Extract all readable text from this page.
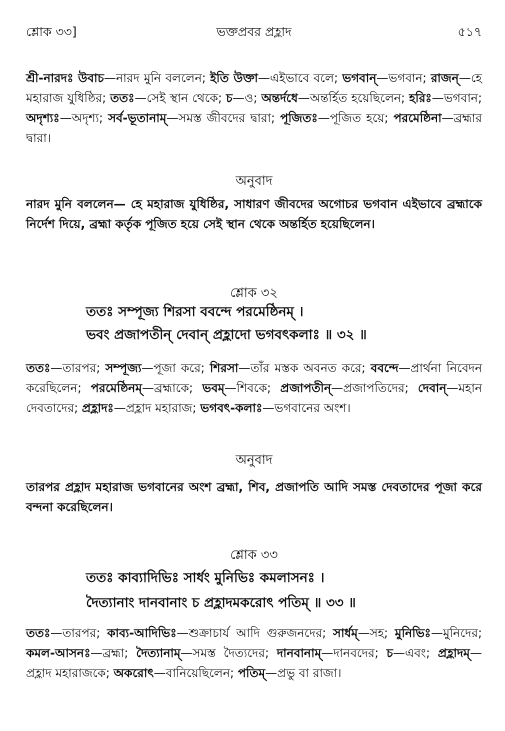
শ্লোক ৩৩]	ভক্তপ্রবর প্রহ্লাদ	৫১৭
শ্রী-নারদঃ উবাচ—নারদ মুনি বললেন; ইতি উক্তা—এইভাবে বলে; ভগবান্—ভগবান; রাজন্—হে মহারাজ যুধিষ্ঠির; ততঃ—সেই স্থান থেকে; চ—ও; অন্তর্দধে—অন্তর্হিত হয়েছিলেন; হরিঃ—ভগবান; অদৃশ্যঃ—অদৃশ্য; সর্ব-ভূতানাম্—সমস্ত জীবদের দ্বারা; পূজিতঃ—পূজিত হয়ে; পরমেষ্ঠিনা—ব্রহ্মার দ্বারা।
অনুবাদ
নারদ মুনি বললেন— হে মহারাজ যুধিষ্ঠির, সাধারণ জীবদের অগোচর ভগবান এইভাবে ব্রহ্মাকে নির্দেশ দিয়ে, ব্রহ্মা কর্তৃক পূজিত হয়ে সেই স্থান থেকে অন্তর্হিত হয়েছিলেন।
শ্লোক ৩২
ততঃ সম্পূজ্য শিরসা ববন্দে পরমেষ্ঠিনম্ ।
ভবং প্রজাপতীন্ দেবান্ প্রহ্লাদো ভগবৎকলাঃ ॥ ৩২ ॥
ততঃ—তারপর; সম্পূজ্য—পূজা করে; শিরসা—তাঁর মস্তক অবনত করে; ববন্দে—প্রার্থনা নিবেদন করেছিলেন; পরমেষ্ঠিনম্—ব্রহ্মাকে; ভবম্—শিবকে; প্রজাপতীন্—প্রজাপতিদের; দেবান্—মহান দেবতাদের; প্রহ্লাদঃ—প্রহ্লাদ মহারাজ; ভগবৎ-কলাঃ—ভগবানের অংশ।
অনুবাদ
তারপর প্রহ্লাদ মহারাজ ভগবানের অংশ ব্রহ্মা, শিব, প্রজাপতি আদি সমস্ত দেবতাদের পূজা করে বন্দনা করেছিলেন।
শ্লোক ৩৩
ততঃ কাব্যাদিভিঃ সার্ধং মুনিভিঃ কমলাসনঃ ।
দৈত্যানাং দানবানাং চ প্রহ্লাদমকরোৎ পতিম্ ॥ ৩৩ ॥
ততঃ—তারপর; কাব্য-আদিভিঃ—শুক্রাচার্য আদি গুরুজনদের; সার্ধম্—সহ; মুনিভিঃ—মুনিদের; কমল-আসনঃ—ব্রহ্মা; দৈত্যানাম্—সমস্ত দৈত্যদের; দানবানাম্—দানবদের; চ—এবং; প্রহ্লাদম্—প্রহ্লাদ মহারাজকে; অকরোৎ—বানিয়েছিলেন; পতিম্—প্রভু বা রাজা।
